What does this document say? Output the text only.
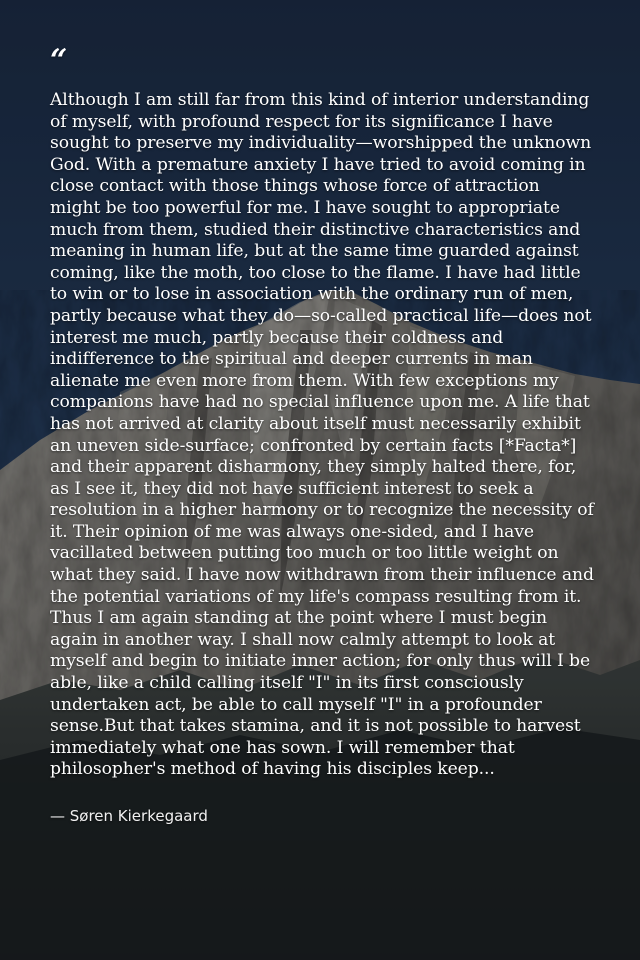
“

Although I am still far from this kind of interior understanding of myself, with profound respect for its significance I have sought to preserve my individuality—worshipped the unknown God. With a premature anxiety I have tried to avoid coming in close contact with those things whose force of attraction might be too powerful for me. I have sought to appropriate much from them, studied their distinctive characteristics and meaning in human life, but at the same time guarded against coming, like the moth, too close to the flame. I have had little to win or to lose in association with the ordinary run of men, partly because what they do—so-called practical life—does not interest me much, partly because their coldness and indifference to the spiritual and deeper currents in man alienate me even more from them. With few exceptions my companions have had no special influence upon me. A life that has not arrived at clarity about itself must necessarily exhibit an uneven side-surface; confronted by certain facts [*Facta*] and their apparent disharmony, they simply halted there, for, as I see it, they did not have sufficient interest to seek a resolution in a higher harmony or to recognize the necessity of it. Their opinion of me was always one-sided, and I have vacillated between putting too much or too little weight on what they said. I have now withdrawn from their influence and the potential variations of my life's compass resulting from it. Thus I am again standing at the point where I must begin again in another way. I shall now calmly attempt to look at myself and begin to initiate inner action; for only thus will I be able, like a child calling itself "I" in its first consciously undertaken act, be able to call myself "I" in a profounder sense.But that takes stamina, and it is not possible to harvest immediately what one has sown. I will remember that philosopher's method of having his disciples keep...

— Søren Kierkegaard
